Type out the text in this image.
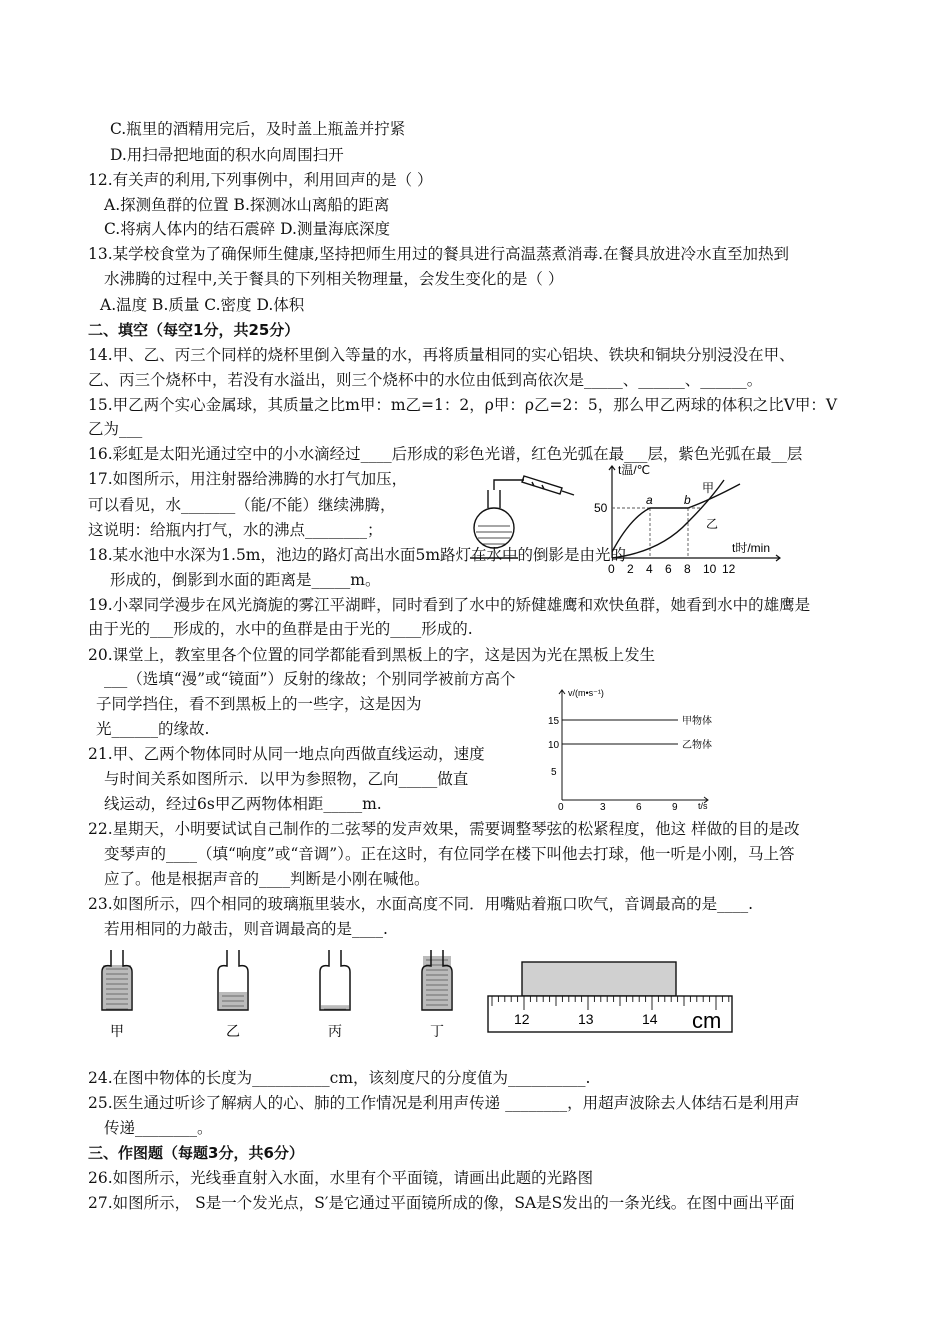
C.瓶里的酒精用完后，及时盖上瓶盖并拧紧
D.用扫帚把地面的积水向周围扫开
12.有关声的利用,下列事例中，利用回声的是（ ）
A.探测鱼群的位置 B.探测冰山离船的距离
C.将病人体内的结石震碎 D.测量海底深度
13.某学校食堂为了确保师生健康,坚持把师生用过的餐具进行高温蒸煮消毒.在餐具放进冷水直至加热到
水沸腾的过程中,关于餐具的下列相关物理量，会发生变化的是（ ）
A.温度 B.质量 C.密度 D.体积
二、填空（每空1分，共25分）
14.甲、乙、丙三个同样的烧杯里倒入等量的水，再将质量相同的实心铝块、铁块和铜块分别浸没在甲、
乙、丙三个烧杯中，若没有水溢出，则三个烧杯中的水位由低到高依次是_____、______、______。
15.甲乙两个实心金属球，其质量之比m甲：m乙=1：2，ρ甲：ρ乙=2：5，那么甲乙两球的体积之比V甲：V
乙为___
16.彩虹是太阳光通过空中的小水滴经过____后形成的彩色光谱，红色光弧在最___层，紫色光弧在最__层
17.如图所示，用注射器给沸腾的水打气加压，
可以看见，水_______（能/不能）继续沸腾，
这说明：给瓶内打气，水的沸点________；
18.某水池中水深为1.5m，池边的路灯高出水面5m路灯在水中的倒影是由光的
形成的，倒影到水面的距离是_____m。
19.小翠同学漫步在风光旖旎的雾江平湖畔，同时看到了水中的矫健雄鹰和欢快鱼群，她看到水中的雄鹰是
由于光的___形成的，水中的鱼群是由于光的____形成的.
20.课堂上，教室里各个位置的同学都能看到黑板上的字，这是因为光在黑板上发生
___（选填“漫”或“镜面”）反射的缘故；个别同学被前方高个
子同学挡住，看不到黑板上的一些字，这是因为
光______的缘故.
21.甲、乙两个物体同时从同一地点向西做直线运动，速度
与时间关系如图所示．以甲为参照物，乙向_____做直
线运动，经过6s甲乙两物体相距_____m.
22.星期天，小明要试试自己制作的二弦琴的发声效果，需要调整琴弦的松紧程度，他这 样做的目的是改
变琴声的____（填“响度”或“音调”）。正在这时，有位同学在楼下叫他去打球，他一听是小刚，马上答
应了。他是根据声音的____判断是小刚在喊他。
23.如图所示，四个相同的玻璃瓶里装水，水面高度不同．用嘴贴着瓶口吹气，音调最高的是____.
若用相同的力敲击，则音调最高的是____.
24.在图中物体的长度为__________cm，该刻度尺的分度值为__________.
25.医生通过听诊了解病人的心、肺的工作情况是利用声传递 ________，用超声波除去人体结石是利用声
传递________。
三、作图题（每题3分，共6分）
26.如图所示，光线垂直射入水面，水里有个平面镜，请画出此题的光路图
27.如图所示， S是一个发光点，S′是它通过平面镜所成的像，SA是S发出的一条光线。在图中画出平面
t温/℃
t时/min
50
a	b
甲
乙
0 2 4 6 8 10 12
v/(m•s⁻¹)
t/s
15
10
5
0	3	6	9
甲物体
乙物体
甲	乙	丙	丁
12	13	14 cm
